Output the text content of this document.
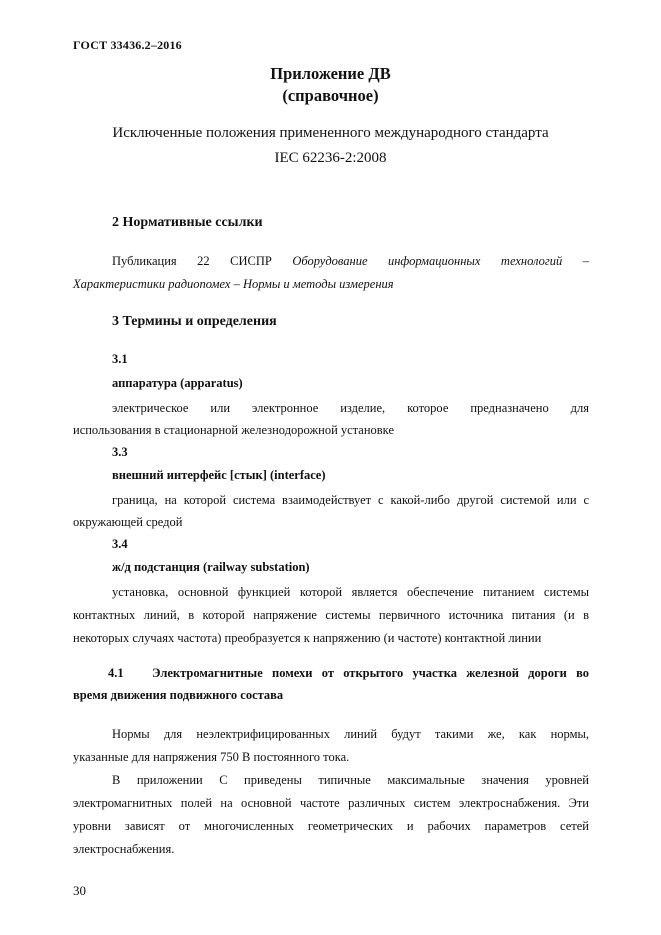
ГОСТ 33436.2–2016
Приложение ДВ
(справочное)
Исключенные положения примененного международного стандарта
IEC 62236-2:2008
2 Нормативные ссылки
Публикация 22 СИСПР Оборудование информационных технологий –
Характеристики радиопомех – Нормы и методы измерения
3 Термины и определения
3.1
аппаратура (apparatus)
электрическое или электронное изделие, которое предназначено для
использования в стационарной железнодорожной установке
3.3
внешний интерфейс [стык] (interface)
граница, на которой система взаимодействует с какой-либо другой системой или с
окружающей средой
3.4
ж/д подстанция (railway substation)
установка, основной функцией которой является обеспечение питанием системы
контактных линий, в которой напряжение системы первичного источника питания (и в
некоторых случаях частота) преобразуется к напряжению (и частоте) контактной линии
4.1 Электромагнитные помехи от открытого участка железной дороги во
время движения подвижного состава
Нормы для неэлектрифицированных линий будут такими же, как нормы,
указанные для напряжения 750 В постоянного тока.
В приложении С приведены типичные максимальные значения уровней
электромагнитных полей на основной частоте различных систем электроснабжения. Эти
уровни зависят от многочисленных геометрических и рабочих параметров сетей
электроснабжения.
30
